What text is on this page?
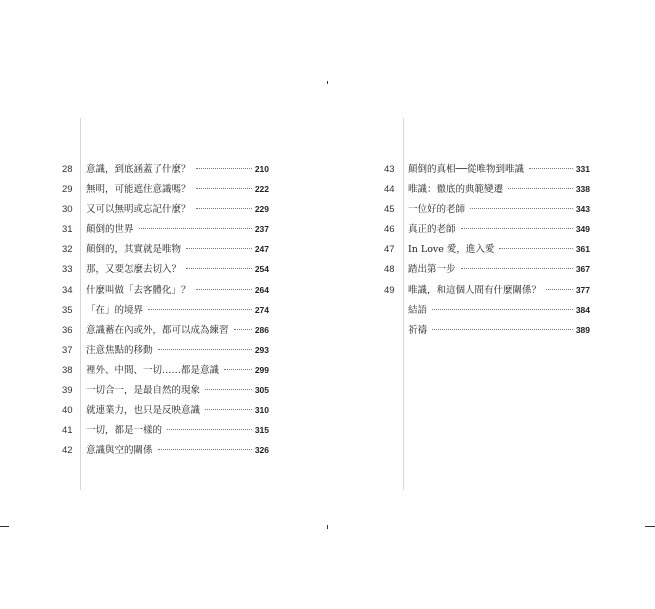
28	意識，到底涵蓋了什麼？	210
29	無明，可能遮住意識嗎？	222
30	又可以無明或忘記什麼？	229
31	顛倒的世界	237
32	顛倒的，其實就是唯物	247
33	那，又要怎麼去切入？	254
34	什麼叫做「去客體化」？	264
35	「在」的境界	274
36	意識蓄在內或外，都可以成為練習	286
37	注意焦點的移動	293
38	裡外、中間、一切……都是意識	299
39	一切合一，是最自然的現象	305
40	就連業力，也只是反映意識	310
41	一切，都是一樣的	315
42	意識與空的關係	326
43	顛倒的真相──從唯物到唯識	331
44	唯識：徹底的典範變遷	338
45	一位好的老師	343
46	真正的老師	349
47	In Love 愛，進入愛	361
48	踏出第一步	367
49	唯識，和這個人間有什麼關係？	377
結語	384
祈禱	389
